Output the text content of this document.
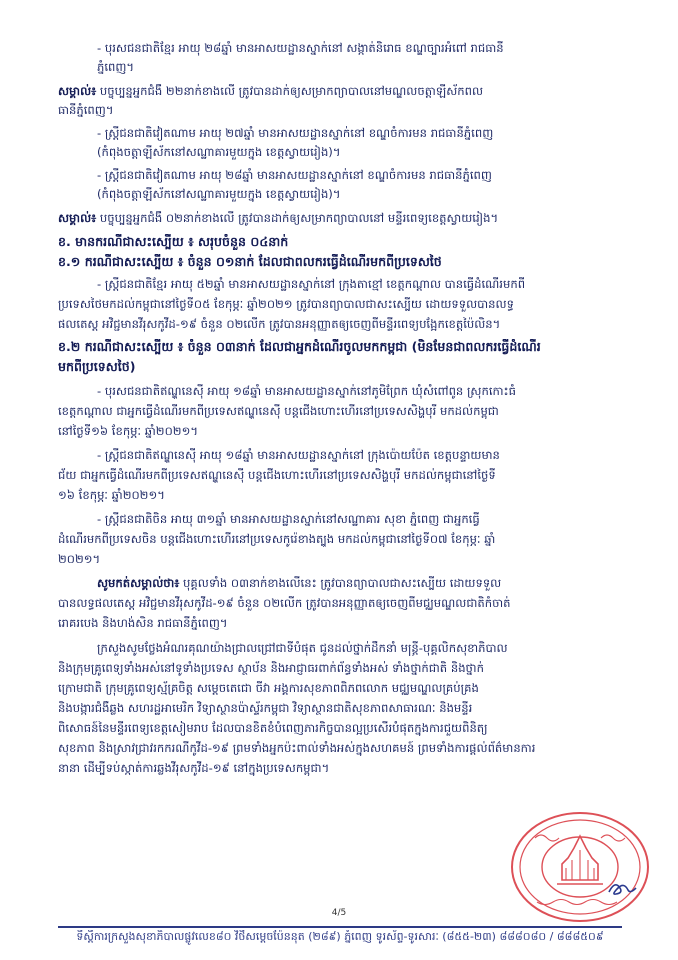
- បុរសជនជាតិខ្មែរ អាយុ ២៨ឆ្នាំ មានអាសយដ្ឋានស្នាក់នៅ សង្កាត់និរោធ ខណ្ឌច្បារអំពៅ រាជធានី
ភ្នំពេញ។
សម្គាល់៖ បច្ចុប្បន្នអ្នកជំងឺ ២២នាក់ខាងលើ ត្រូវបានដាក់ឲ្យសម្រាកព្យាបាលនៅមណ្ឌលចត្តាឡីស័កពល
ធានីភ្នំពេញ។
- ស្ត្រីជនជាតិវៀតណាម អាយុ ២៧ឆ្នាំ មានអាសយដ្ឋានស្នាក់នៅ ខណ្ឌចំការមន រាជធានីភ្នំពេញ
(កំពុងចត្តាឡីស័កនៅសណ្ឋាគារមួយក្នុង ខេត្តស្វាយរៀង)។
- ស្ត្រីជនជាតិវៀតណាម អាយុ ២៨ឆ្នាំ មានអាសយដ្ឋានស្នាក់នៅ ខណ្ឌចំការមន រាជធានីភ្នំពេញ
(កំពុងចត្តាឡីស័កនៅសណ្ឋាគារមួយក្នុង ខេត្តស្វាយរៀង)។
សម្គាល់៖ បច្ចុប្បន្នអ្នកជំងឺ ០២នាក់ខាងលើ ត្រូវបានដាក់ឲ្យសម្រាកព្យាបាលនៅ មន្ទីរពេទ្យខេត្តស្វាយរៀង។
ខ. មានករណីជាសះស្បើយ ៖ សរុបចំនួន ០៤នាក់
ខ.១ ករណីជាសះស្បើយ ៖ ចំនួន ០១នាក់ ដែលជាពលករធ្វើដំណើរមកពីប្រទេសថៃ
- ស្ត្រីជនជាតិខ្មែរ អាយុ ៥២ឆ្នាំ មានអាសយដ្ឋានស្នាក់នៅ ក្រុងតាខ្មៅ ខេត្តកណ្តាល បានធ្វើដំណើរមកពី
ប្រទេសថៃមកដល់កម្ពុជានៅថ្ងៃទី០៥ ខែកុម្ភៈ ឆ្នាំ២០២១ ត្រូវបានព្យាបាលជាសះស្បើយ ដោយទទួលបានលទ្ធ
ផលតេស្ត អវិជ្ជមានវីរុសកូវីដ-១៩ ចំនួន ០២លើក ត្រូវបានអនុញ្ញាតឲ្យចេញពីមន្ទីរពេទ្យបង្អែកខេត្តប៉ៃលិន។
ខ.២ ករណីជាសះស្បើយ ៖ ចំនួន ០៣នាក់ ដែលជាអ្នកដំណើរចូលមកកម្ពុជា (មិនមែនជាពលករធ្វើដំណើរ
មកពីប្រទេសថៃ)
- បុរសជនជាតិឥណ្ឌូនេស៊ី អាយុ ១៨ឆ្នាំ មានអាសយដ្ឋានស្នាក់នៅភូមិព្រែក ឃុំសំពៅពូន ស្រុកកោះធំ
ខេត្តកណ្តាល ជាអ្នកធ្វើដំណើរមកពីប្រទេសឥណ្ឌូនេស៊ី បន្តជើងហោះហើរនៅប្រទេសសិង្ហបុរី មកដល់កម្ពុជា
នៅថ្ងៃទី១៦ ខែកុម្ភៈ ឆ្នាំ២០២១។
- ស្ត្រីជនជាតិឥណ្ឌូនេស៊ី អាយុ ១៨ឆ្នាំ មានអាសយដ្ឋានស្នាក់នៅ ក្រុងប៉ោយប៉ែត ខេត្តបន្ទាយមាន
ជ័យ ជាអ្នកធ្វើដំណើរមកពីប្រទេសឥណ្ឌូនេស៊ី បន្តជើងហោះហើរនៅប្រទេសសិង្ហបុរី មកដល់កម្ពុជានៅថ្ងៃទី
១៦ ខែកុម្ភៈ ឆ្នាំ២០២១។
- ស្ត្រីជនជាតិចិន អាយុ ៣១ឆ្នាំ មានអាសយដ្ឋានស្នាក់នៅសណ្ឋាគារ សុខា ភ្នំពេញ ជាអ្នកធ្វើ
ដំណើរមកពីប្រទេសចិន បន្តជើងហោះហើរនៅប្រទេសកូរ៉េខាងត្បូង មកដល់កម្ពុជានៅថ្ងៃទី០៧ ខែកុម្ភៈ ឆ្នាំ
២០២១។
សូមកត់សម្គាល់ថា៖ បុគ្គលទាំង ០៣នាក់ខាងលើនេះ ត្រូវបានព្យាបាលជាសះស្បើយ ដោយទទួល
បានលទ្ធផលតេស្ត អវិជ្ជមានវីរុសកូវីដ-១៩ ចំនួន ០២លើក ត្រូវបានអនុញ្ញាតឲ្យចេញពីមជ្ឈមណ្ឌលជាតិកំចាត់
រោគរបេង និងហង់សិន រាជធានីភ្នំពេញ។
ក្រសួងសូមថ្លែងអំណរគុណយ៉ាងជ្រាលជ្រៅជាទីបំផុត ជូនដល់ថ្នាក់ដឹកនាំ មន្ត្រី-បុគ្គលិកសុខាភិបាល
និងក្រុមគ្រូពេទ្យទាំងអស់នៅទូទាំងប្រទេស ស្ថាប័ន និងអាជ្ញាធរពាក់ព័ន្ធទាំងអស់ ទាំងថ្នាក់ជាតិ និងថ្នាក់
ក្រោមជាតិ ក្រុមគ្រូពេទ្យស្ម័គ្រចិត្ត សម្តេចតេជោ ចីវា អង្គការសុខភាពពិភពលោក មជ្ឈមណ្ឌលគ្រប់គ្រង
និងបង្ការជំងឺឆ្លង សហរដ្ឋអាមេរិក វិទ្យាស្ថានប៉ាស្ទ័រកម្ពុជា វិទ្យាស្ថានជាតិសុខភាពសាធារណៈ និងមន្ទីរ
ពិសោធន៍នៃមន្ទីរពេទ្យខេត្តសៀមរាប ដែលបានខិតខំបំពេញភារកិច្ចបានល្អប្រសើរបំផុតក្នុងការជួយពិនិត្យ
សុខភាព និងស្រាវជ្រាវរកករណីកូវីដ-១៩ ព្រមទាំងអ្នកប៉ះពាល់ទាំងអស់ក្នុងសហគមន៍ ព្រមទាំងការផ្តល់ព័ត៌មានការ
នានា ដើម្បីទប់ស្កាត់ការឆ្លងវីរុសកូវីដ-១៩ នៅក្នុងប្រទេសកម្ពុជា។
4/5
ទីស្តីការក្រសួងសុខាភិបាលផ្លូវលេខ៨០ វិថីសម្តេចប៉ែននុត (២៨៩) ភ្នំពេញ ទូរស័ព្ទ-ទូរសារៈ (៨៥៥-២៣) ៨៨៨០៨០ / ៨៨៨៥០៩
